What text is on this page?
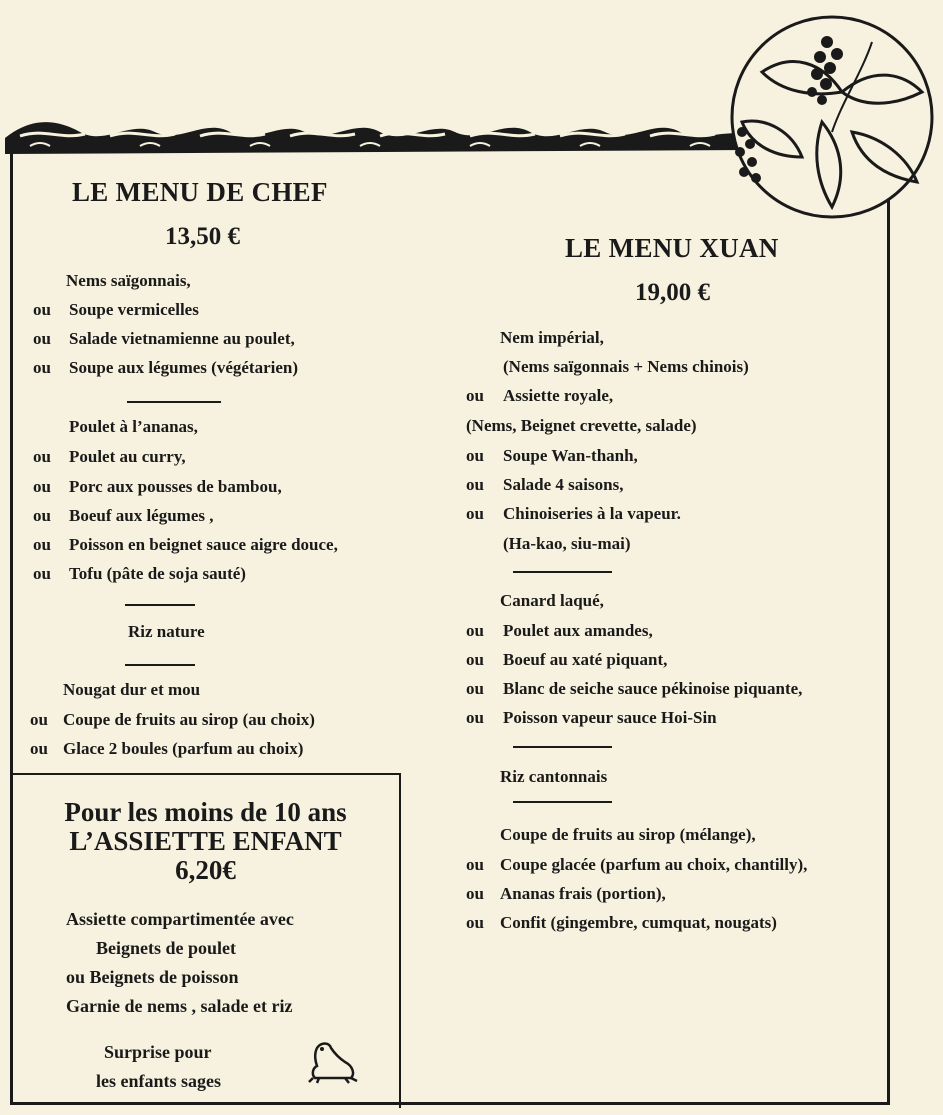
LE MENU DE CHEF
13,50 €
Nems saïgonnais,
ou Soupe vermicelles
ou Salade vietnamienne au poulet,
ou Soupe aux légumes (végétarien)
Poulet à l’ananas,
ou Poulet au curry,
ou Porc aux pousses de bambou,
ou Boeuf aux légumes ,
ou Poisson en beignet sauce aigre douce,
ou Tofu (pâte de soja sauté)
Riz nature
Nougat dur et mou
ou Coupe de fruits au sirop (au choix)
ou Glace 2 boules (parfum au choix)
Pour les moins de 10 ans
L’ASSIETTE ENFANT
6,20€
Assiette compartimentée avec
Beignets de poulet
ou Beignets de poisson
Garnie de nems , salade et riz
Surprise pour
les enfants sages
LE MENU XUAN
19,00 €
Nem impérial,
(Nems saïgonnais + Nems chinois)
ou Assiette royale,
(Nems, Beignet crevette, salade)
ou Soupe Wan-thanh,
ou Salade 4 saisons,
ou Chinoiseries à la vapeur.
(Ha-kao, siu-mai)
Canard laqué,
ou Poulet aux amandes,
ou Boeuf au xaté piquant,
ou Blanc de seiche sauce pékinoise piquante,
ou Poisson vapeur sauce Hoi-Sin
Riz cantonnais
Coupe de fruits au sirop (mélange),
ou Coupe glacée (parfum au choix, chantilly),
ou Ananas frais (portion),
ou Confit (gingembre, cumquat, nougats)
